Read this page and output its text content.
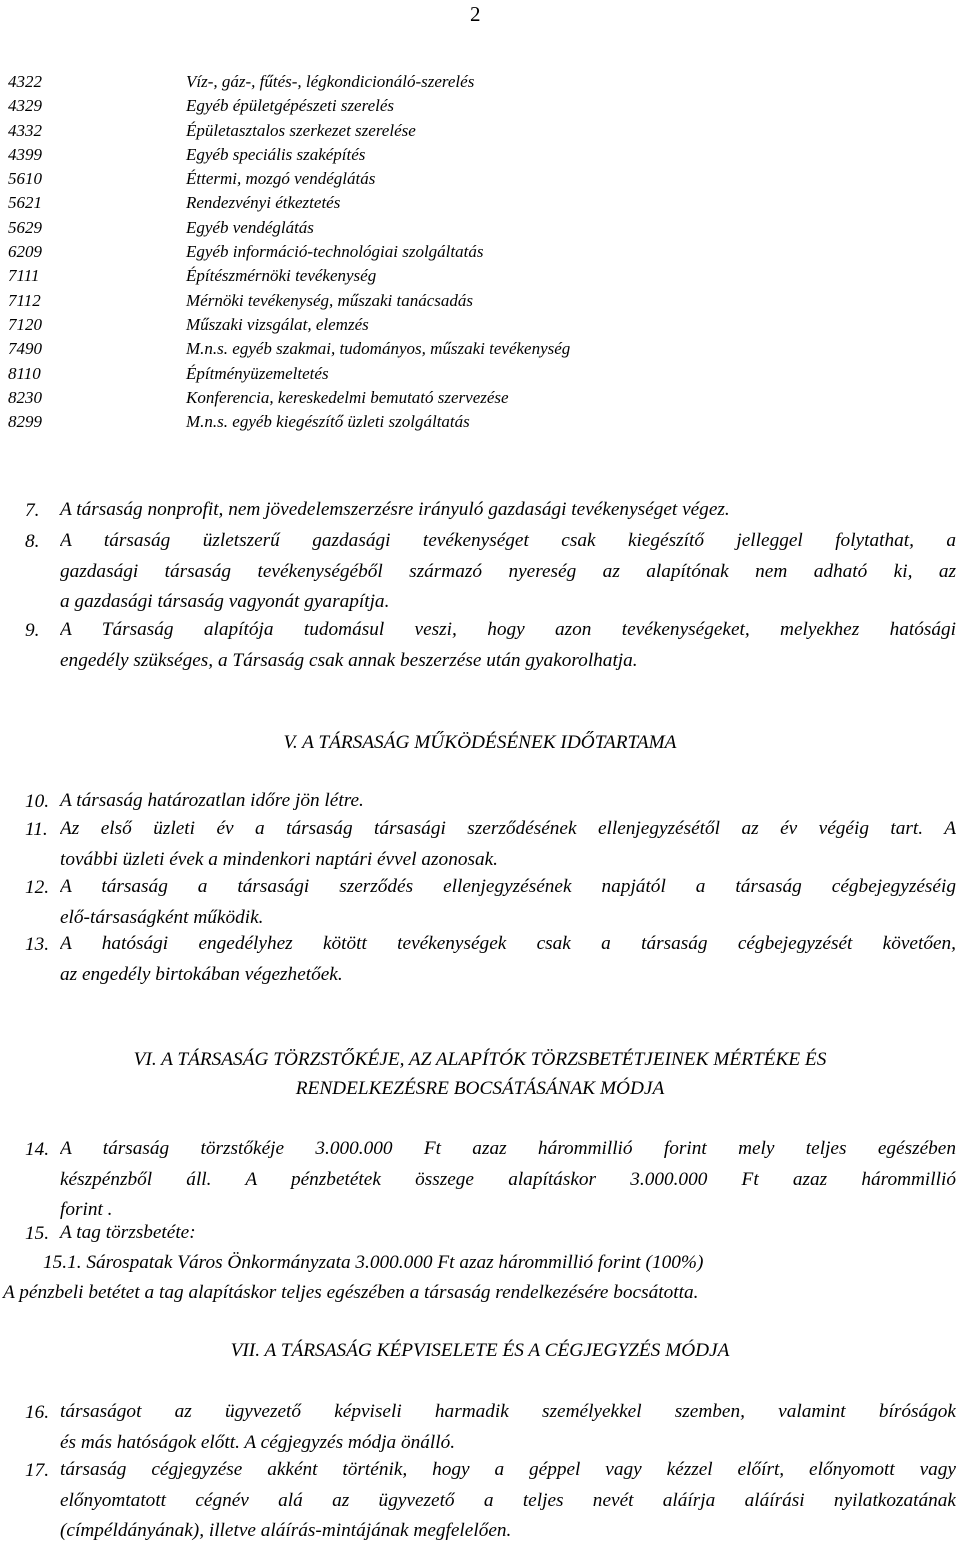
2
4322	Víz-, gáz-, fűtés-, légkondicionáló-szerelés
4329	Egyéb épületgépészeti szerelés
4332	Épületasztalos szerkezet szerelése
4399	Egyéb speciális szaképítés
5610	Éttermi, mozgó vendéglátás
5621	Rendezvényi étkeztetés
5629	Egyéb vendéglátás
6209	Egyéb információ-technológiai szolgáltatás
7111	Építészmérnöki tevékenység
7112	Mérnöki tevékenység, műszaki tanácsadás
7120	Műszaki vizsgálat, elemzés
7490	M.n.s. egyéb szakmai, tudományos, műszaki tevékenység
8110	Építményüzemeltetés
8230	Konferencia, kereskedelmi bemutató szervezése
8299	M.n.s. egyéb kiegészítő üzleti szolgáltatás
7. A társaság nonprofit, nem jövedelemszerzésre irányuló gazdasági tevékenységet végez.
8. A társaság üzletszerű gazdasági tevékenységet csak kiegészítő jelleggel folytathat, a
gazdasági társaság tevékenységéből származó nyereség az alapítónak nem adható ki, az
a gazdasági társaság vagyonát gyarapítja.
9. A Társaság alapítója tudomásul veszi, hogy azon tevékenységeket, melyekhez hatósági
engedély szükséges, a Társaság csak annak beszerzése után gyakorolhatja.
V. A TÁRSASÁG MŰKÖDÉSÉNEK IDŐTARTAMA
10. A társaság határozatlan időre jön létre.
11. Az első üzleti év a társaság társasági szerződésének ellenjegyzésétől az év végéig tart. A
további üzleti évek a mindenkori naptári évvel azonosak.
12. A társaság a társasági szerződés ellenjegyzésének napjától a társaság cégbejegyzéséig
elő-társaságként működik.
13. A hatósági engedélyhez kötött tevékenységek csak a társaság cégbejegyzését követően,
az engedély birtokában végezhetőek.
VI. A TÁRSASÁG TÖRZSTŐKÉJE, AZ ALAPÍTÓK TÖRZSBETÉTJEINEK MÉRTÉKE ÉS
RENDELKEZÉSRE BOCSÁTÁSÁNAK MÓDJA
14. A társaság törzstőkéje 3.000.000 Ft azaz hárommillió forint mely teljes egészében
készpénzből áll. A pénzbetétek összege alapításkor 3.000.000 Ft azaz hárommillió
forint .
15. A tag törzsbetéte:
15.1. Sárospatak Város Önkormányzata 3.000.000 Ft azaz hárommillió forint (100%)
A pénzbeli betétet a tag alapításkor teljes egészében a társaság rendelkezésére bocsátotta.
VII. A TÁRSASÁG KÉPVISELETE ÉS A CÉGJEGYZÉS MÓDJA
16. társaságot az ügyvezető képviseli harmadik személyekkel szemben, valamint bíróságok
és más hatóságok előtt. A cégjegyzés módja önálló.
17. társaság cégjegyzése akként történik, hogy a géppel vagy kézzel előírt, előnyomott vagy
előnyomtatott cégnév alá az ügyvezető a teljes nevét aláírja aláírási nyilatkozatának
(címpéldányának), illetve aláírás-mintájának megfelelően.
